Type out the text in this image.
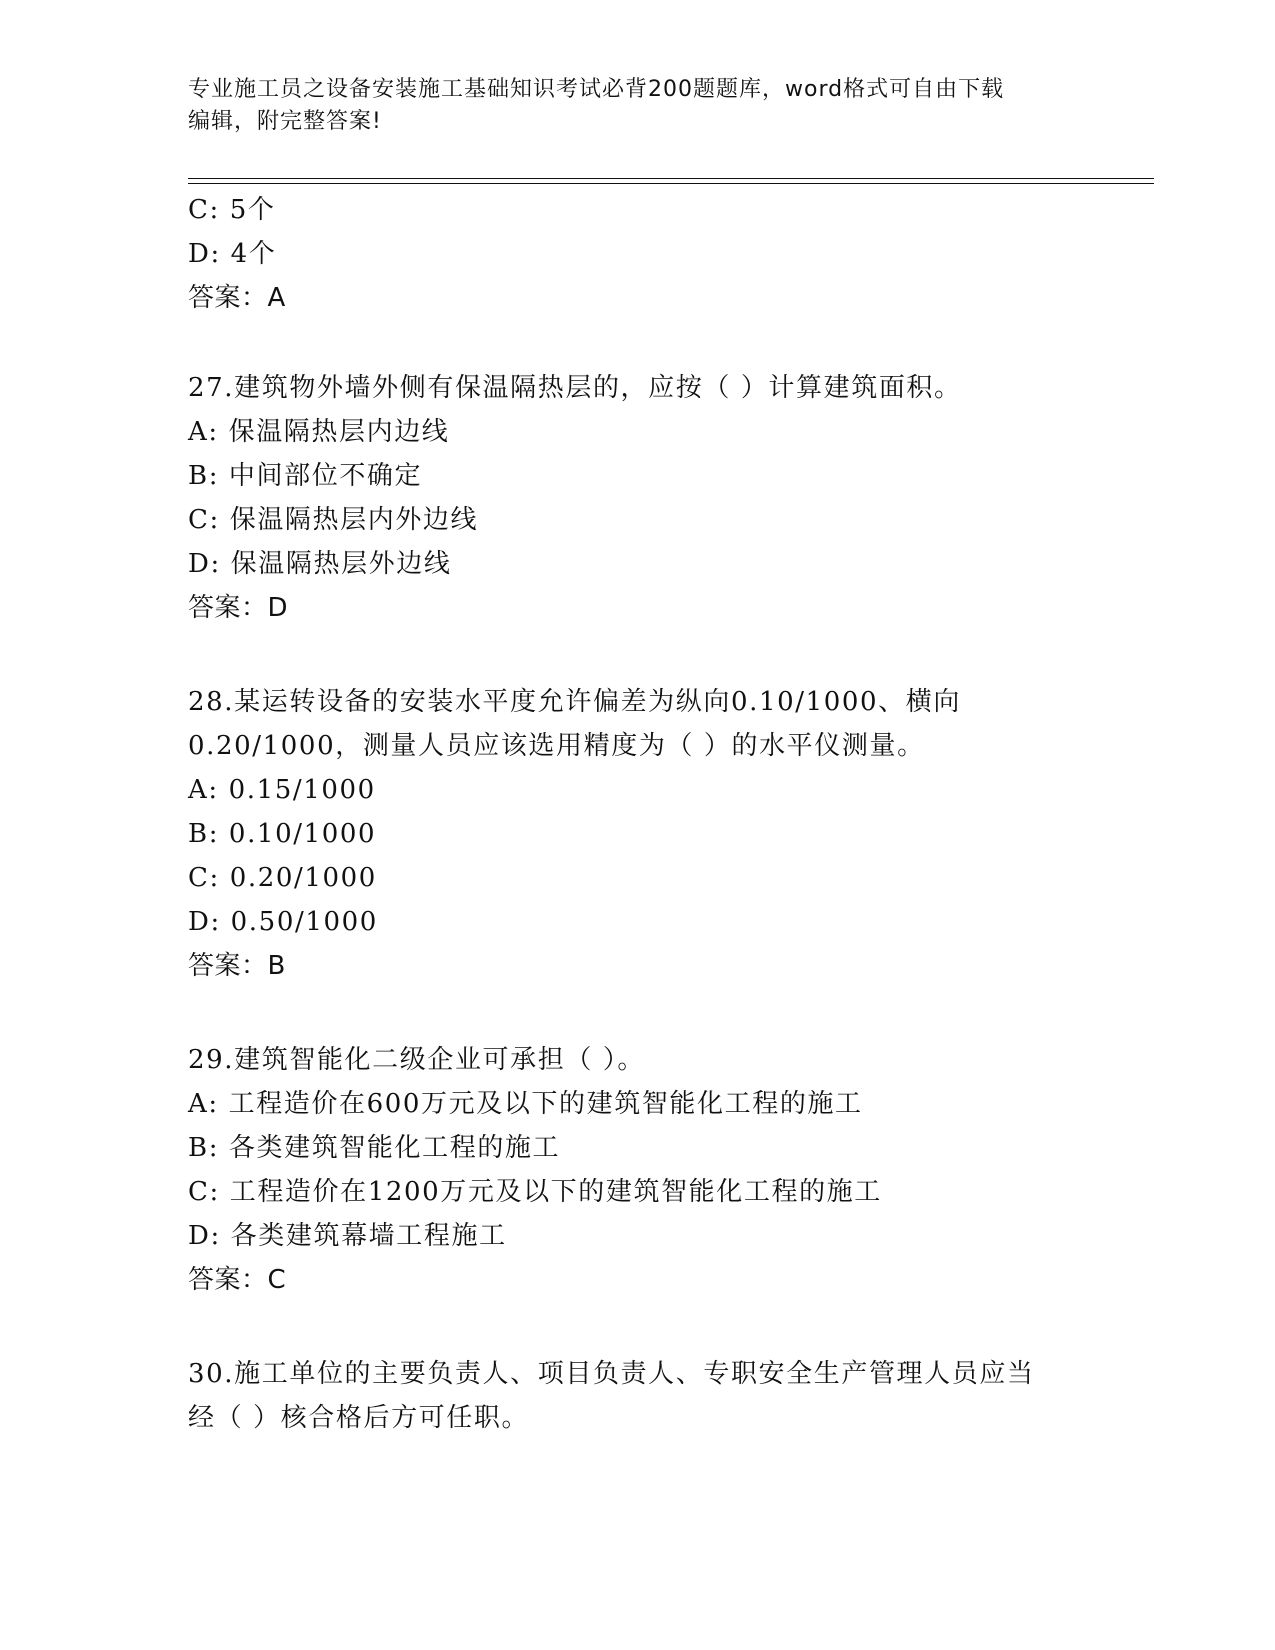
专业施工员之设备安装施工基础知识考试必背200题题库，word格式可自由下载
编辑，附完整答案!
C: 5个
D: 4个
答案：A
27.建筑物外墙外侧有保温隔热层的，应按（ ）计算建筑面积。
A: 保温隔热层内边线
B: 中间部位不确定
C: 保温隔热层内外边线
D: 保温隔热层外边线
答案：D
28.某运转设备的安装水平度允许偏差为纵向0.10/1000、横向
0.20/1000，测量人员应该选用精度为（ ）的水平仪测量。
A: 0.15/1000
B: 0.10/1000
C: 0.20/1000
D: 0.50/1000
答案：B
29.建筑智能化二级企业可承担（ ）。
A: 工程造价在600万元及以下的建筑智能化工程的施工
B: 各类建筑智能化工程的施工
C: 工程造价在1200万元及以下的建筑智能化工程的施工
D: 各类建筑幕墙工程施工
答案：C
30.施工单位的主要负责人、项目负责人、专职安全生产管理人员应当
经（ ）核合格后方可任职。
